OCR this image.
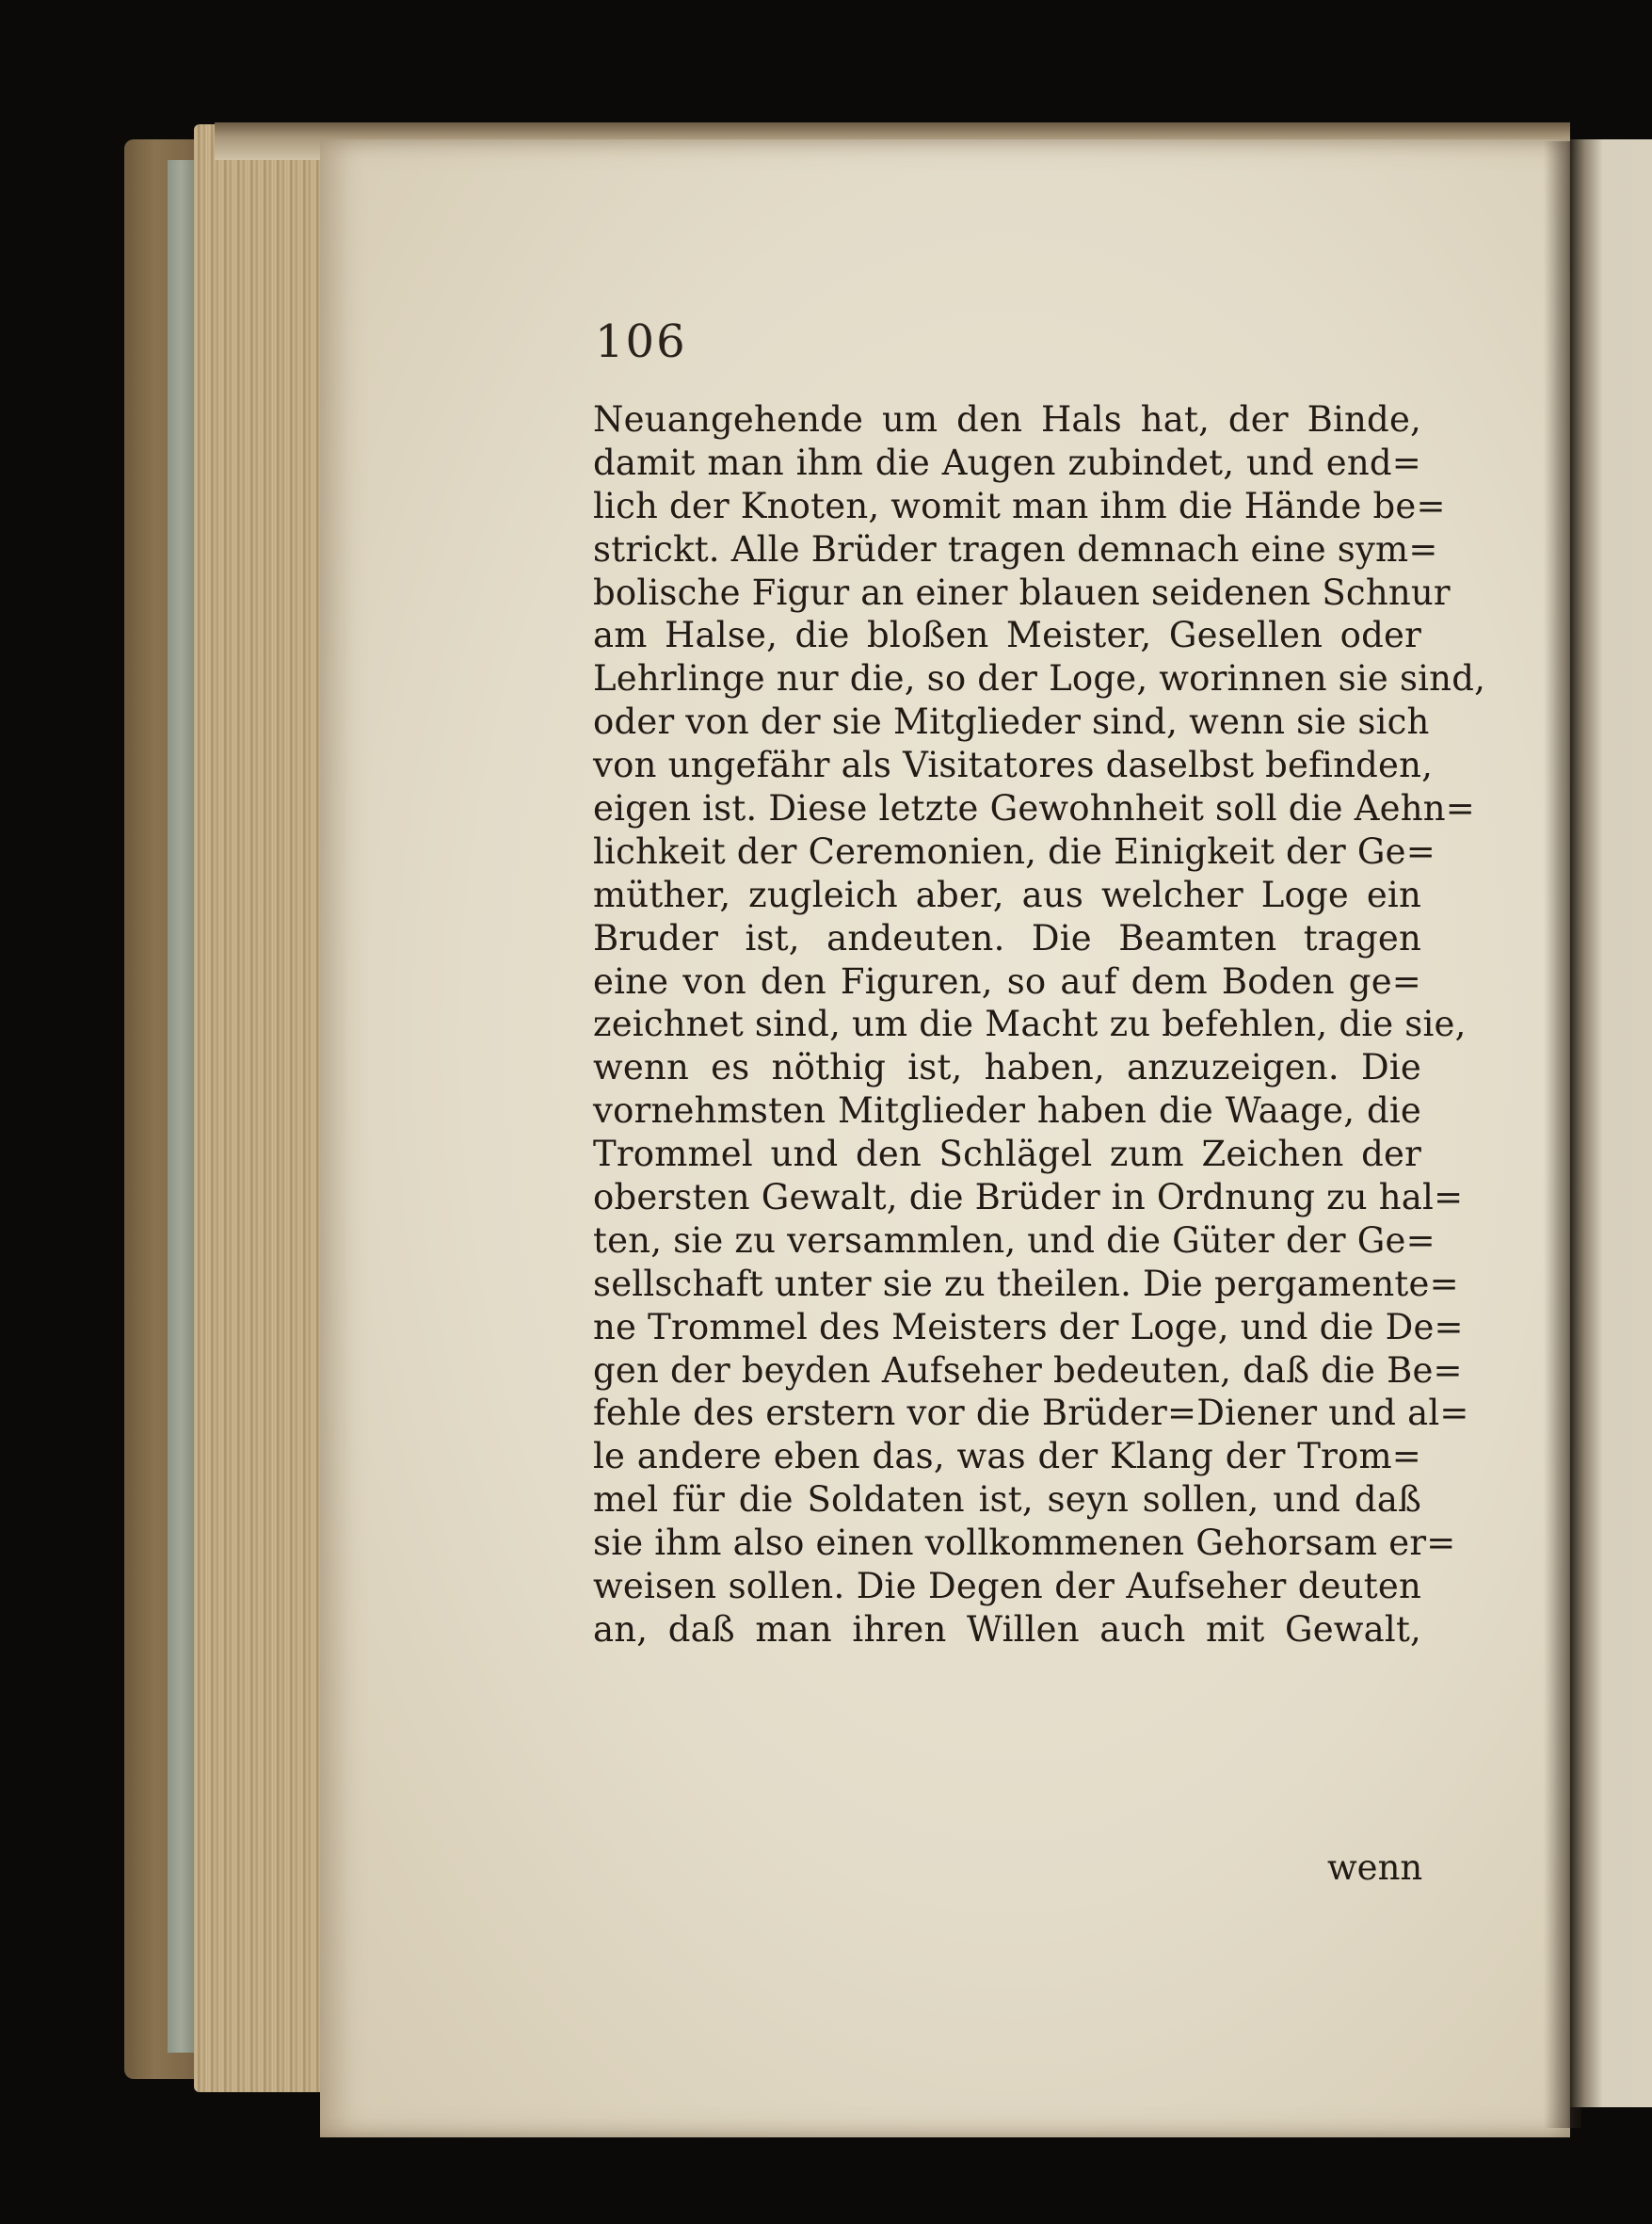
106
Neuangehende um den Hals hat, der Binde,
damit man ihm die Augen zubindet, und end=
lich der Knoten, womit man ihm die Hände be=
strickt. Alle Brüder tragen demnach eine sym=
bolische Figur an einer blauen seidenen Schnur
am Halse, die bloßen Meister, Gesellen oder
Lehrlinge nur die, so der Loge, worinnen sie sind,
oder von der sie Mitglieder sind, wenn sie sich
von ungefähr als Visitatores daselbst befinden,
eigen ist. Diese letzte Gewohnheit soll die Aehn=
lichkeit der Ceremonien, die Einigkeit der Ge=
müther, zugleich aber, aus welcher Loge ein
Bruder ist, andeuten. Die Beamten tragen
eine von den Figuren, so auf dem Boden ge=
zeichnet sind, um die Macht zu befehlen, die sie,
wenn es nöthig ist, haben, anzuzeigen. Die
vornehmsten Mitglieder haben die Waage, die
Trommel und den Schlägel zum Zeichen der
obersten Gewalt, die Brüder in Ordnung zu hal=
ten, sie zu versammlen, und die Güter der Ge=
sellschaft unter sie zu theilen. Die pergamente=
ne Trommel des Meisters der Loge, und die De=
gen der beyden Aufseher bedeuten, daß die Be=
fehle des erstern vor die Brüder=Diener und al=
le andere eben das, was der Klang der Trom=
mel für die Soldaten ist, seyn sollen, und daß
sie ihm also einen vollkommenen Gehorsam er=
weisen sollen. Die Degen der Aufseher deuten
an, daß man ihren Willen auch mit Gewalt,
wenn
